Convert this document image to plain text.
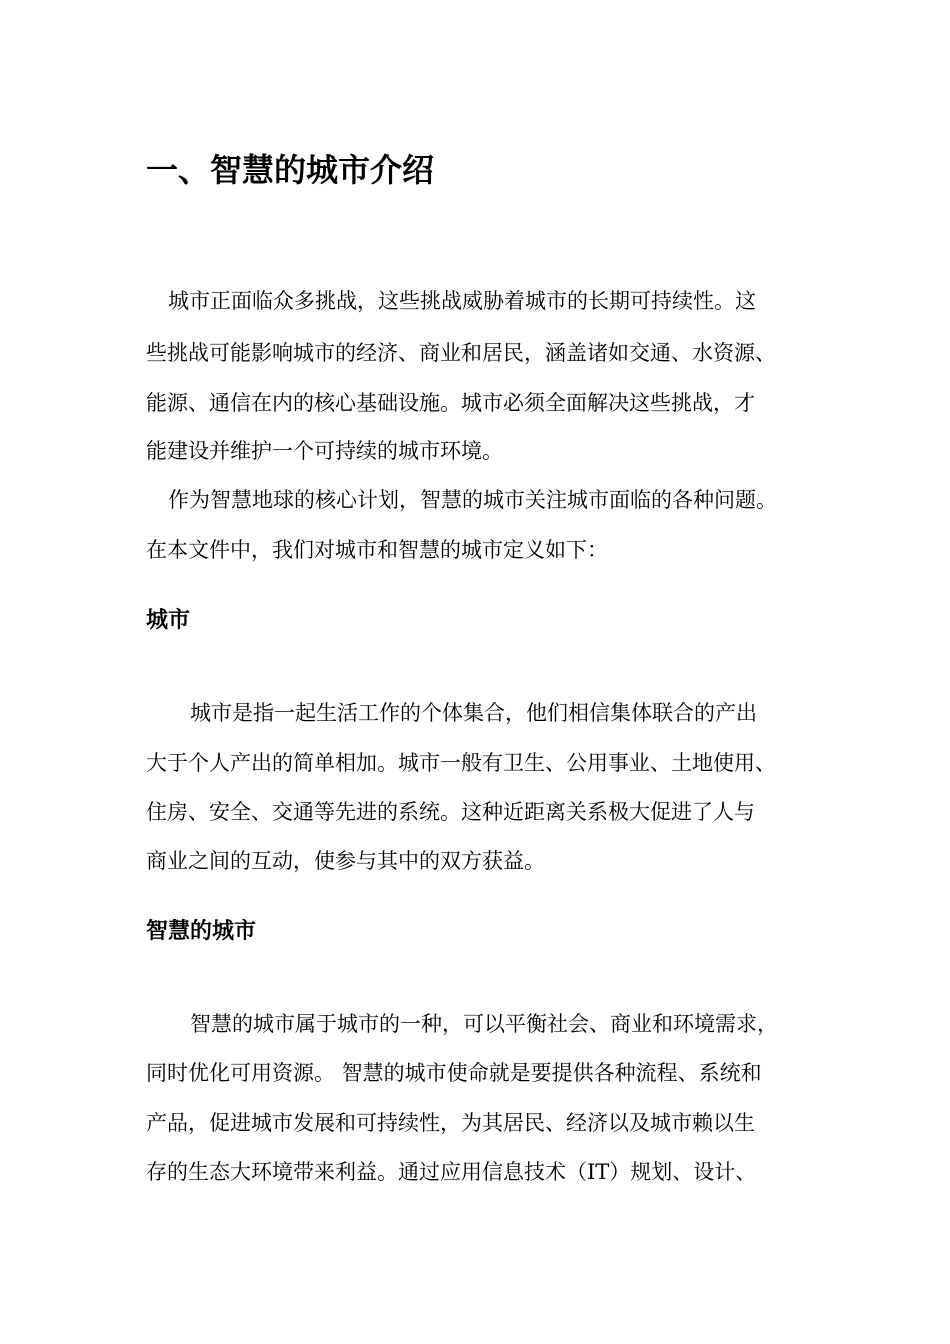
一、智慧的城市介绍

城市正面临众多挑战，这些挑战威胁着城市的长期可持续性。这

些挑战可能影响城市的经济、商业和居民，涵盖诸如交通、水资源、

能源、通信在内的核心基础设施。城市必须全面解决这些挑战，才

能建设并维护一个可持续的城市环境。

作为智慧地球的核心计划，智慧的城市关注城市面临的各种问题。

在本文件中，我们对城市和智慧的城市定义如下：

城市

城市是指一起生活工作的个体集合，他们相信集体联合的产出

大于个人产出的简单相加。城市一般有卫生、公用事业、土地使用、

住房、安全、交通等先进的系统。这种近距离关系极大促进了人与

商业之间的互动，使参与其中的双方获益。

智慧的城市

智慧的城市属于城市的一种，可以平衡社会、商业和环境需求，

同时优化可用资源。 智慧的城市使命就是要提供各种流程、系统和

产品，促进城市发展和可持续性，为其居民、经济以及城市赖以生

存的生态大环境带来利益。通过应用信息技术（IT）规划、设计、
